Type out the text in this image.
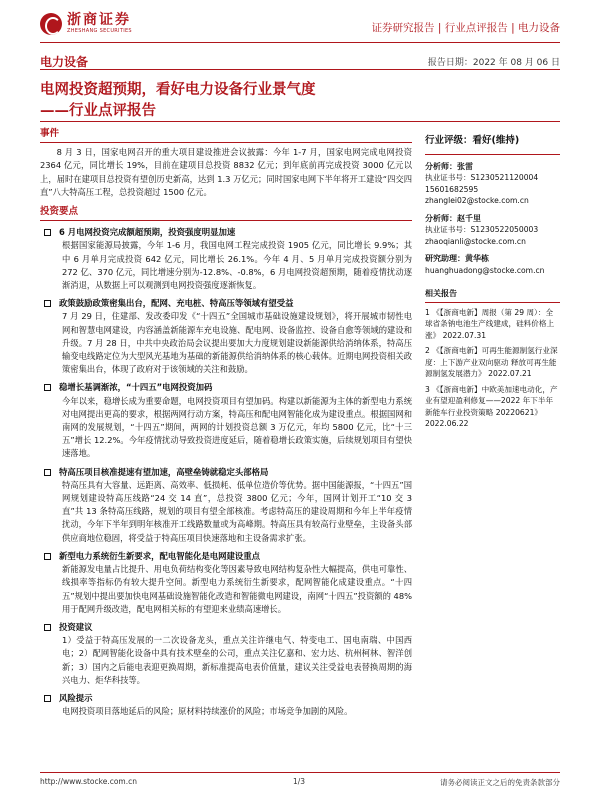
浙商证券
ZHESHANG SECURITIES	证券研究报告 | 行业点评报告 | 电力设备
电力设备	报告日期：2022 年 08 月 06 日
电网投资超预期，看好电力设备行业景气度
——行业点评报告
事件
8 月 3 日，国家电网召开的重大项目建设推进会议披露：今年 1-7 月，国家电网完成电网投资 2364 亿元，同比增长 19%，目前在建项目总投资 8832 亿元；到年底前再完成投资 3000 亿元以上，届时在建项目总投资有望创历史新高，达到 1.3 万亿元；同时国家电网下半年将开工建设“四交四直”八大特高压工程，总投资超过 1500 亿元。
投资要点
6 月电网投资完成额超预期，投资强度明显加速
根据国家能源局披露，今年 1-6 月，我国电网工程完成投资 1905 亿元，同比增长 9.9%；其中 6 月单月完成投资 642 亿元，同比增长 26.1%。今年 4 月、5 月单月完成投资额分别为 272 亿、370 亿元，同比增速分别为-12.8%、-0.8%，6 月电网投资超预期，随着疫情扰动逐渐消退，从数据上可以观测到电网投资强度逐渐恢复。
政策鼓励政策密集出台，配网、充电桩、特高压等领域有望受益
7 月 29 日，住建部、发改委印发《“十四五”全国城市基础设施建设规划》，将开展城市韧性电网和智慧电网建设，内容涵盖新能源车充电设施、配电网、设备监控、设备自愈等领域的建设和升级。7 月 28 日，中共中央政治局会议提出要加大力度规划建设新能源供给消纳体系，特高压输变电线路定位为大型风光基地为基础的新能源供给消纳体系的核心载体。近期电网投资相关政策密集出台，体现了政府对于该领域的关注和鼓励。
稳增长基调渐浓，“十四五”电网投资加码
今年以来，稳增长成为重要命题，电网投资项目有望加码。构建以新能源为主体的新型电力系统对电网提出更高的要求，根据两网行动方案，特高压和配电网智能化成为建设重点。根据国网和南网的发展规划，“十四五”期间，两网的计划投资总额 3 万亿元，年均 5800 亿元，比“十三五”增长 12.2%。今年疫情扰动导致投资进度延后，随着稳增长政策实施，后续规划项目有望快速落地。
特高压项目核准提速有望加速，高壁垒铸就稳定头部格局
特高压具有大容量、远距离、高效率、低损耗、低单位造价等优势。据中国能源报，“十四五”国网规划建设特高压线路“24 交 14 直”，总投资 3800 亿元；今年，国网计划开工“10 交 3 直”共 13 条特高压线路，规划的项目有望全部核准。考虑特高压的建设周期和今年上半年疫情扰动，今年下半年到明年核准开工线路数量或为高峰期。特高压具有较高行业壁垒，主设备头部供应商地位稳固，将受益于特高压项目快速落地和主设备需求扩张。
新型电力系统衍生新要求，配电智能化是电网建设重点
新能源发电量占比提升、用电负荷结构变化等因素导致电网结构复杂性大幅提高，供电可靠性、线损率等指标仍有较大提升空间。新型电力系统衍生新要求，配网智能化成建设重点。“十四五”规划中提出要加快电网基础设施智能化改造和智能微电网建设，南网“十四五”投资额的 48%用于配网升级改造，配电网相关标的有望迎来业绩高速增长。
投资建议
1）受益于特高压发展的一二次设备龙头，重点关注许继电气、特变电工、国电南瑞、中国西电；2）配网智能化设备中具有技术壁垒的公司，重点关注亿嘉和、宏力达、杭州柯林、智洋创新；3）国内之后能电表迎更换周期，新标准提高电表价值量，建议关注受益电表替换周期的海兴电力、炬华科技等。
风险提示
电网投资项目落地延后的风险；原材料持续涨价的风险；市场竞争加剧的风险。
行业评级：看好(维持)
分析师：张雷
执业证书号：S1230521120004
15601682595
zhanglei02@stocke.com.cn
分析师：赵千里
执业证书号：S1230522050003
zhaoqianli@stocke.com.cn
研究助理：黄华栋
huanghuadong@stocke.com.cn
相关报告
1 《【浙商电新】周报（第 29 周）：全球省条钠电池生产线建成，硅料价格上涨》 2022.07.31
2 《【浙商电新】可再生能源制氢行业深度：上下游产业双向驱动 释放可再生能源制氢发展潜力》 2022.07.21
3 《【浙商电新】中欧美加速电动化，产业有望迎盈利修复——2022 年下半年新能车行业投资策略 20220621》 2022.06.22
http://www.stocke.com.cn	1/3	请务必阅读正文之后的免责条款部分
